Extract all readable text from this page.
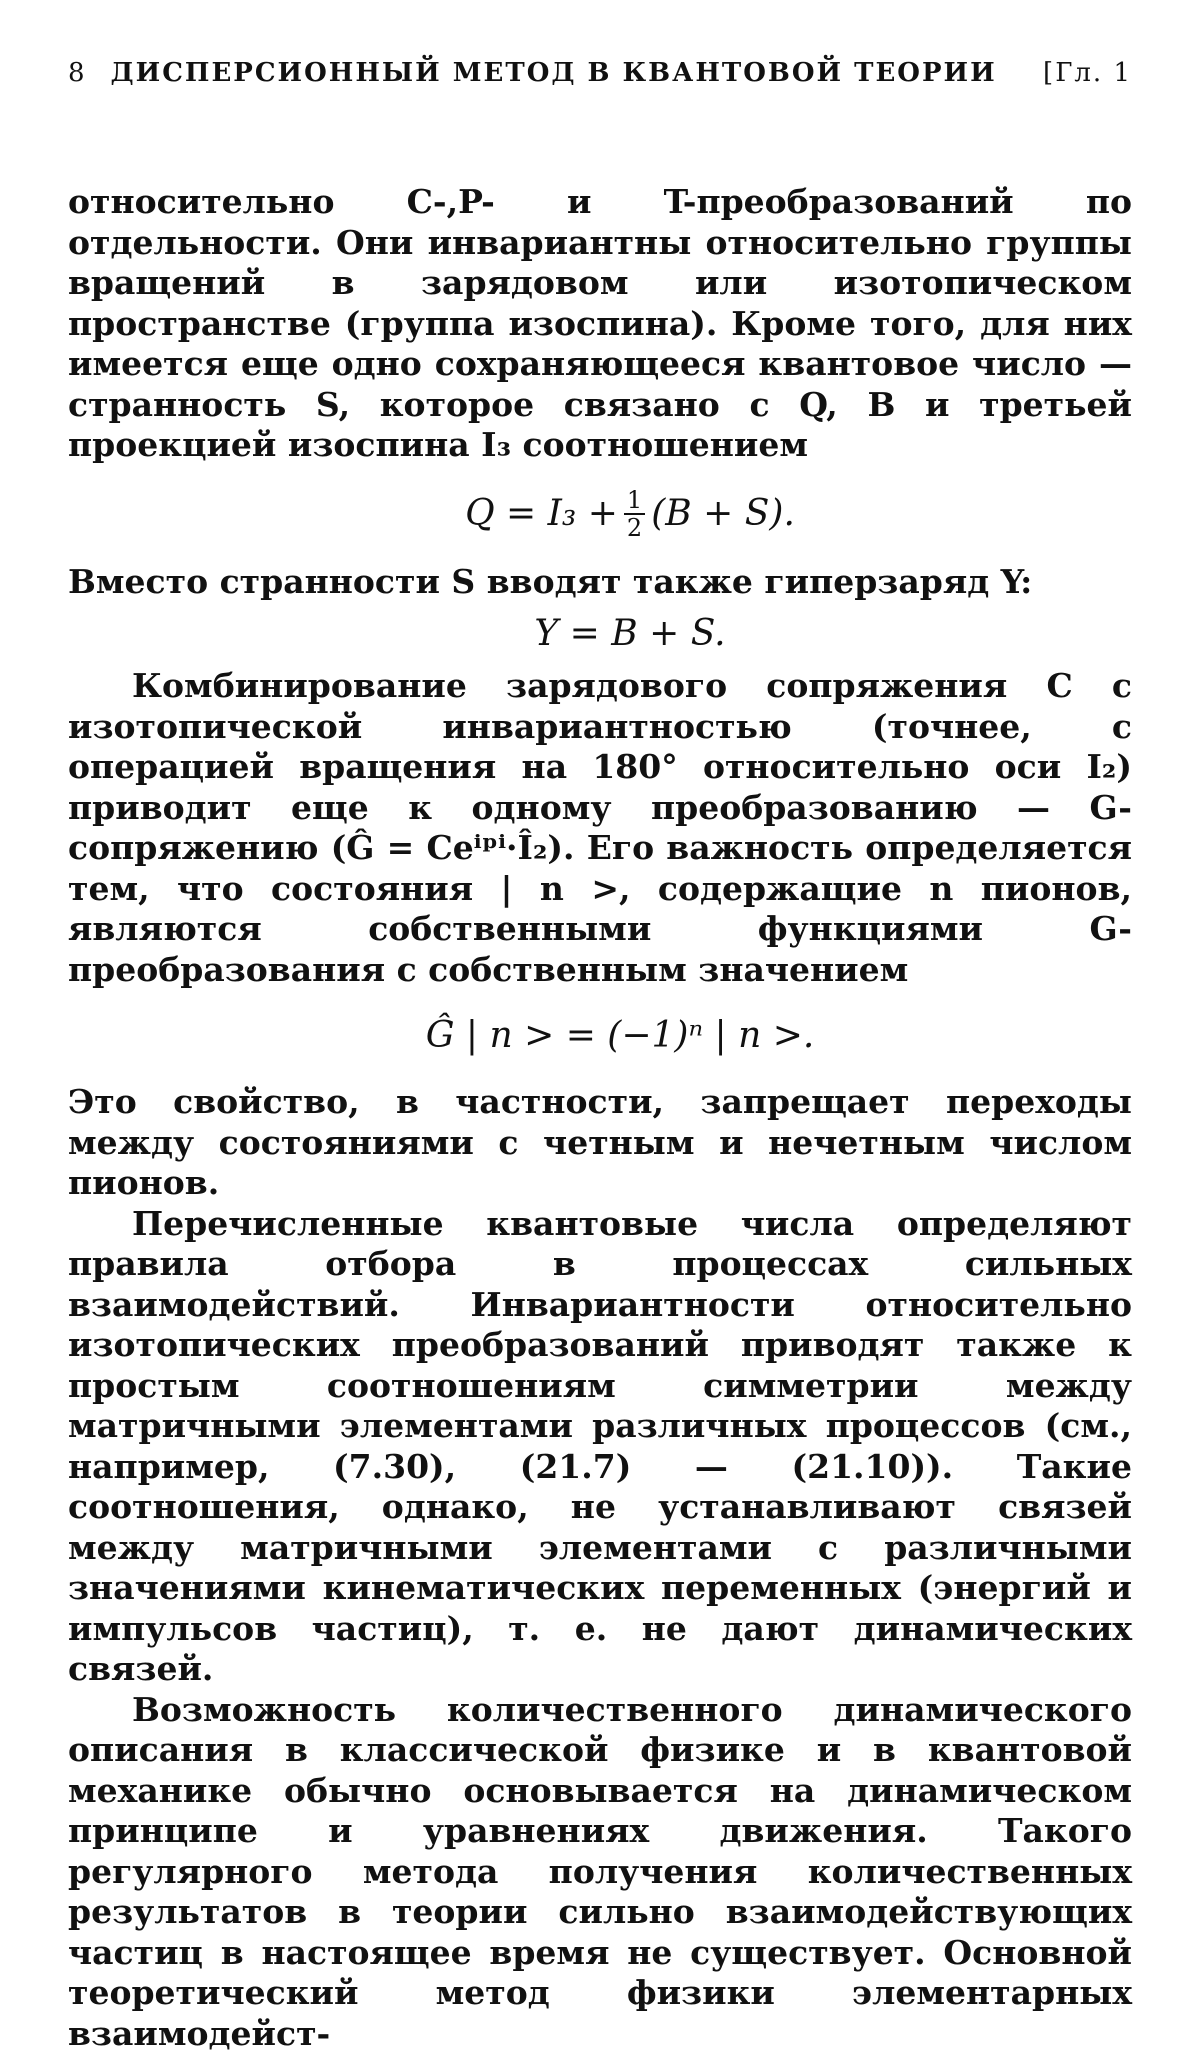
8 ДИСПЕРСИОННЫЙ МЕТОД В КВАНТОВОЙ ТЕОРИИ [Гл. 1

относительно C-,P- и T-преобразований по отдельности. Они инвариантны относительно группы вращений в зарядовом или изотопическом пространстве (группа изоспина). Кроме того, для них имеется еще одно сохраняющееся квантовое число — странность S, которое связано с Q, B и третьей проекцией изоспина I₃ соотношением

$Q = I_3 + \frac{1}{2} (B + S)$.

Вместо странности S вводят также гиперзаряд Y:

Y = B + S.

Комбинирование зарядового сопряжения C с изотопической инвариантностью (точнее, с операцией вращения на 180° относительно оси I₂) приводит еще к одному преобразованию — G-сопряжению (Ĝ = Ceⁱᵖⁱ·Î₂). Его важность определяется тем, что состояния | n >, содержащие n пионов, являются собственными функциями G-преобразования с собственным значением

Ĝ | n > = (−1)ⁿ | n >.

Это свойство, в частности, запрещает переходы между состояниями с четным и нечетным числом пионов.

Перечисленные квантовые числа определяют правила отбора в процессах сильных взаимодействий. Инвариантности относительно изотопических преобразований приводят также к простым соотношениям симметрии между матричными элементами различных процессов (см., например, (7.30), (21.7) — (21.10)). Такие соотношения, однако, не устанавливают связей между матричными элементами с различными значениями кинематических переменных (энергий и импульсов частиц), т. е. не дают динамических связей.

Возможность количественного динамического описания в классической физике и в квантовой механике обычно основывается на динамическом принципе и уравнениях движения. Такого регулярного метода получения количественных результатов в теории сильно взаимодействующих частиц в настоящее время не существует. Основной теоретический метод физики элементарных взаимодейст-
